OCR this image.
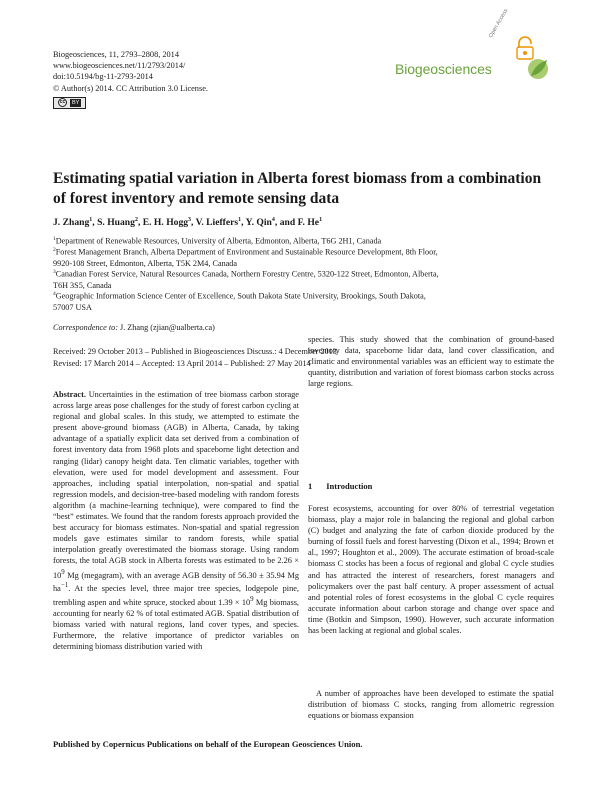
Biogeosciences, 11, 2793–2808, 2014
www.biogeosciences.net/11/2793/2014/
doi:10.5194/bg-11-2793-2014
© Author(s) 2014. CC Attribution 3.0 License.
cc	BY
Open Access
Biogeosciences
Estimating spatial variation in Alberta forest biomass from a combination of forest inventory and remote sensing data
J. Zhang$^1$, S. Huang$^2$, E. H. Hogg$^3$, V. Lieffers$^1$, Y. Qin$^4$, and F. He$^1$
$^1$Department of Renewable Resources, University of Alberta, Edmonton, Alberta, T6G 2H1, Canada
$^2$Forest Management Branch, Alberta Department of Environment and Sustainable Resource Development, 8th Floor,
9920-108 Street, Edmonton, Alberta, T5K 2M4, Canada
$^3$Canadian Forest Service, Natural Resources Canada, Northern Forestry Centre, 5320-122 Street, Edmonton, Alberta,
T6H 3S5, Canada
$^4$Geographic Information Science Center of Excellence, South Dakota State University, Brookings, South Dakota,
57007 USA
Correspondence to: J. Zhang (zjian@ualberta.ca)
Received: 29 October 2013 – Published in Biogeosciences Discuss.: 4 December 2013
Revised: 17 March 2014 – Accepted: 13 April 2014 – Published: 27 May 2014
Abstract. Uncertainties in the estimation of tree biomass carbon storage across large areas pose challenges for the study of forest carbon cycling at regional and global scales. In this study, we attempted to estimate the present above-ground biomass (AGB) in Alberta, Canada, by taking advantage of a spatially explicit data set derived from a combination of forest inventory data from 1968 plots and spaceborne light detection and ranging (lidar) canopy height data. Ten climatic variables, together with elevation, were used for model development and assessment. Four approaches, including spatial interpolation, non-spatial and spatial regression models, and decision-tree-based modeling with random forests algorithm (a machine-learning technique), were compared to find the “best” estimates. We found that the random forests approach provided the best accuracy for biomass estimates. Non-spatial and spatial regression models gave estimates similar to random forests, while spatial interpolation greatly overestimated the biomass storage. Using random forests, the total AGB stock in Alberta forests was estimated to be $2.26 \times 10^9$ Mg (megagram), with an average AGB density of 56.30 ± 35.94 Mg $ha^{-1}$. At the species level, three major tree species, lodgepole pine, trembling aspen and white spruce, stocked about $1.39 \times 10^9$ Mg biomass, accounting for nearly 62 % of total estimated AGB. Spatial distribution of biomass varied with natural regions, land cover types, and species. Furthermore, the relative importance of predictor variables on determining biomass distribution varied with
species. This study showed that the combination of ground-based inventory data, spaceborne lidar data, land cover classification, and climatic and environmental variables was an efficient way to estimate the quantity, distribution and variation of forest biomass carbon stocks across large regions.
1 Introduction
Forest ecosystems, accounting for over 80% of terrestrial vegetation biomass, play a major role in balancing the regional and global carbon (C) budget and analyzing the fate of carbon dioxide produced by the burning of fossil fuels and forest harvesting (Dixon et al., 1994; Brown et al., 1997; Houghton et al., 2009). The accurate estimation of broad-scale biomass C stocks has been a focus of regional and global C cycle studies and has attracted the interest of researchers, forest managers and policymakers over the past half century. A proper assessment of actual and potential roles of forest ecosystems in the global C cycle requires accurate information about carbon storage and change over space and time (Botkin and Simpson, 1990). However, such accurate information has been lacking at regional and global scales.
A number of approaches have been developed to estimate the spatial distribution of biomass C stocks, ranging from allometric regression equations or biomass expansion
Published by Copernicus Publications on behalf of the European Geosciences Union.
